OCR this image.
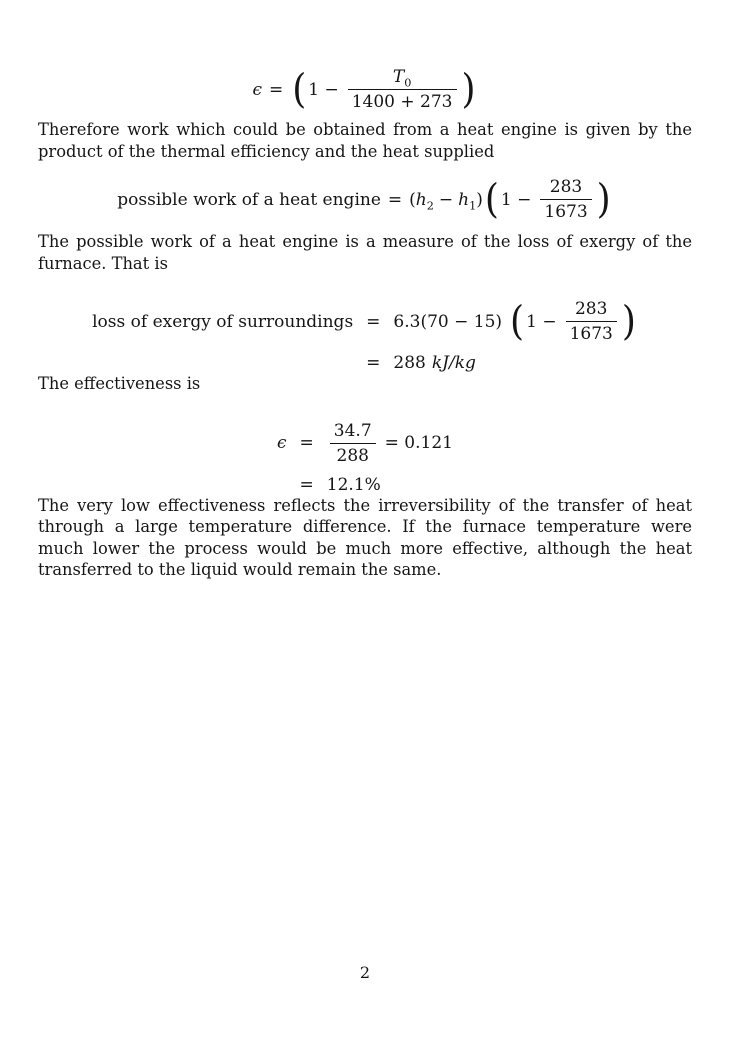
ϵ = ( $1 - \frac{T_0}{1400 + 273}$ )

Therefore work which could be obtained from a heat engine is given by the product of the thermal efficiency and the heat supplied

possible work of a heat engine = $(h_2 - h_1)$ ( $1 - \frac{283}{1673}$ )

The possible work of a heat engine is a measure of the loss of exergy of the furnace. That is

loss of exergy of surroundings = 6.3(70 − 15) ( $1 - \frac{283}{1673}$ )
= 288 kJ/kg

The effectiveness is

$\epsilon = \frac{34.7}{288} = 0.121$
= 12.1%

The very low effectiveness reflects the irreversibility of the transfer of heat through a large temperature difference. If the furnace temperature were much lower the process would be much more effective, although the heat transferred to the liquid would remain the same.

2
